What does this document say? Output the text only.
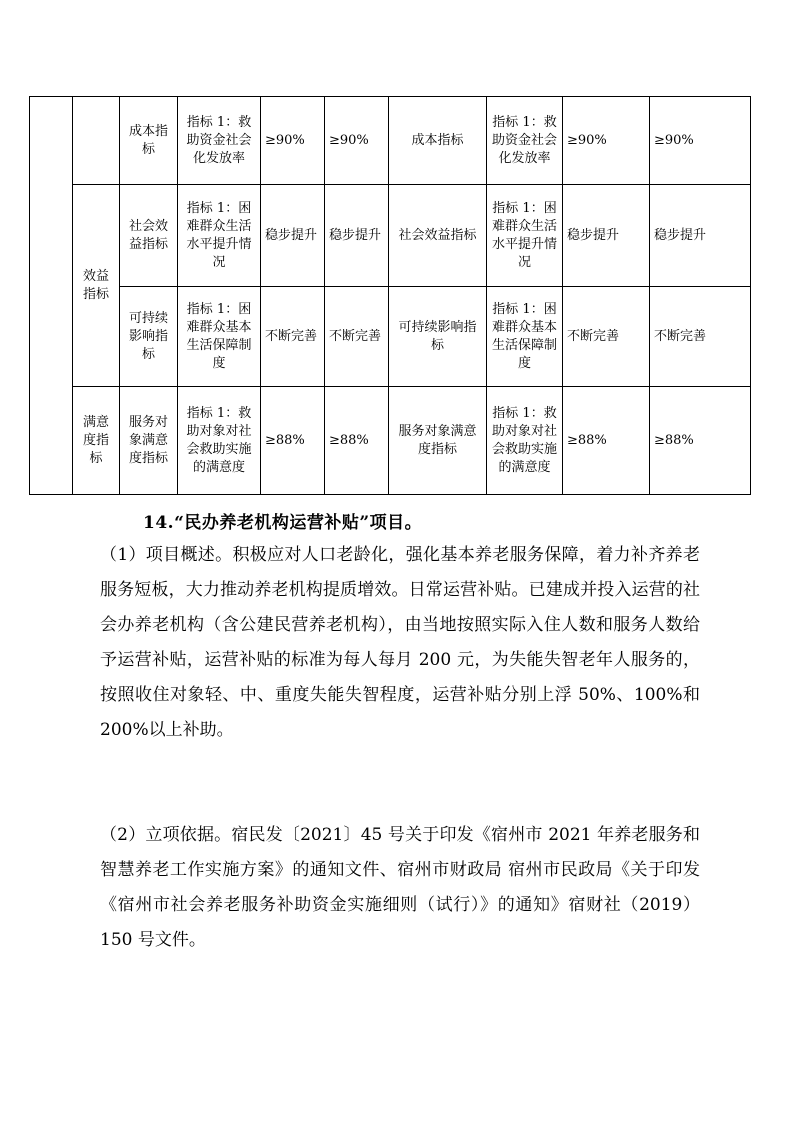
		成本指标	指标 1：救助资金社会化发放率	≥90%	≥90%	成本指标	指标 1：救助资金社会化发放率	≥90%	≥90%
	效益指标	社会效益指标	指标 1：困难群众生活水平提升情况	稳步提升	稳步提升	社会效益指标	指标 1：困难群众生活水平提升情况	稳步提升	稳步提升
		可持续影响指标	指标 1：困难群众基本生活保障制度	不断完善	不断完善	可持续影响指标	指标 1：困难群众基本生活保障制度	不断完善	不断完善
	满意度指标	服务对象满意度指标	指标 1：救助对象对社会救助实施的满意度	≥88%	≥88%	服务对象满意度指标	指标 1：救助对象对社会救助实施的满意度	≥88%	≥88%
14.“民办养老机构运营补贴”项目。
（1）项目概述。积极应对人口老龄化，强化基本养老服务保障，着力补齐养老服务短板，大力推动养老机构提质增效。日常运营补贴。已建成并投入运营的社会办养老机构（含公建民营养老机构），由当地按照实际入住人数和服务人数给予运营补贴，运营补贴的标准为每人每月 200 元，为失能失智老年人服务的，按照收住对象轻、中、重度失能失智程度，运营补贴分别上浮 50%、100%和 200%以上补助。
（2）立项依据。宿民发〔2021〕45 号关于印发《宿州市 2021 年养老服务和智慧养老工作实施方案》的通知文件、宿州市财政局 宿州市民政局《关于印发《宿州市社会养老服务补助资金实施细则（试行）》的通知》宿财社（2019）150 号文件。
